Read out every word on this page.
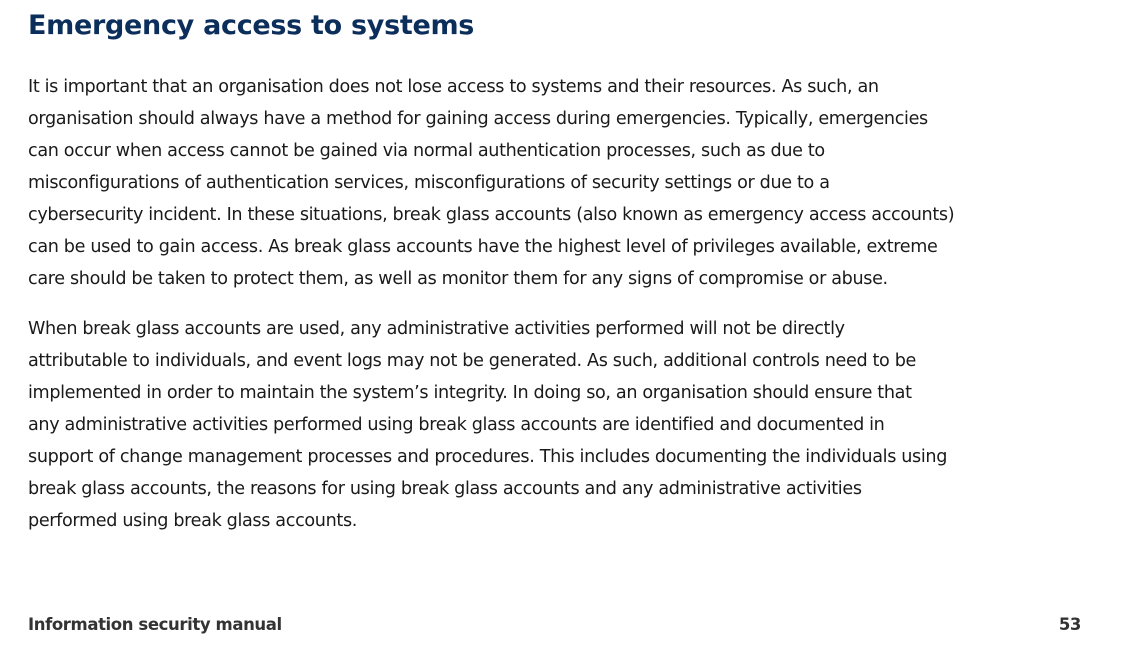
Emergency access to systems

It is important that an organisation does not lose access to systems and their resources. As such, an
organisation should always have a method for gaining access during emergencies. Typically, emergencies
can occur when access cannot be gained via normal authentication processes, such as due to
misconfigurations of authentication services, misconfigurations of security settings or due to a
cybersecurity incident. In these situations, break glass accounts (also known as emergency access accounts)
can be used to gain access. As break glass accounts have the highest level of privileges available, extreme
care should be taken to protect them, as well as monitor them for any signs of compromise or abuse.

When break glass accounts are used, any administrative activities performed will not be directly
attributable to individuals, and event logs may not be generated. As such, additional controls need to be
implemented in order to maintain the system’s integrity. In doing so, an organisation should ensure that
any administrative activities performed using break glass accounts are identified and documented in
support of change management processes and procedures. This includes documenting the individuals using
break glass accounts, the reasons for using break glass accounts and any administrative activities
performed using break glass accounts.

Information security manual	53
